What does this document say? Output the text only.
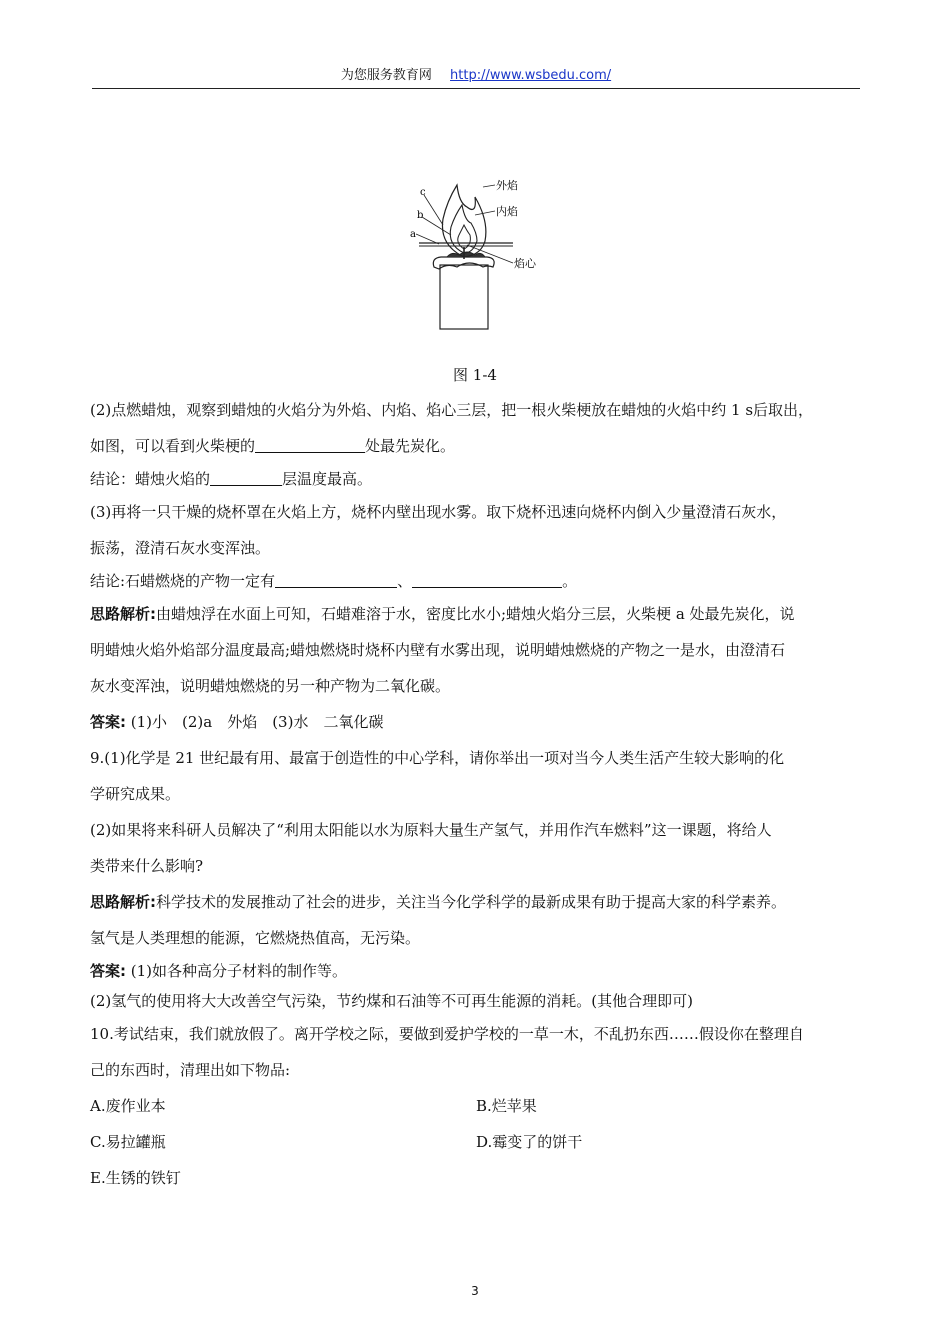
为您服务教育网 http://www.wsbedu.com/
外焰
内焰
焰心
c
b
a
图 1-4
(2)点燃蜡烛，观察到蜡烛的火焰分为外焰、内焰、焰心三层，把一根火柴梗放在蜡烛的火焰中约 1 s后取出，
如图，可以看到火柴梗的	处最先炭化。
结论：蜡烛火焰的	层温度最高。
(3)再将一只干燥的烧杯罩在火焰上方，烧杯内壁出现水雾。取下烧杯迅速向烧杯内倒入少量澄清石灰水，
振荡，澄清石灰水变浑浊。
结论:石蜡燃烧的产物一定有	、	。
思路解析:由蜡烛浮在水面上可知，石蜡难溶于水，密度比水小;蜡烛火焰分三层，火柴梗 a 处最先炭化，说
明蜡烛火焰外焰部分温度最高;蜡烛燃烧时烧杯内壁有水雾出现，说明蜡烛燃烧的产物之一是水，由澄清石
灰水变浑浊，说明蜡烛燃烧的另一种产物为二氧化碳。
答案: (1)小　(2)a　外焰　(3)水　二氧化碳
9.(1)化学是 21 世纪最有用、最富于创造性的中心学科，请你举出一项对当今人类生活产生较大影响的化
学研究成果。
(2)如果将来科研人员解决了“利用太阳能以水为原料大量生产氢气，并用作汽车燃料”这一课题，将给人
类带来什么影响?
思路解析:科学技术的发展推动了社会的进步，关注当今化学科学的最新成果有助于提高大家的科学素养。
氢气是人类理想的能源，它燃烧热值高，无污染。
答案: (1)如各种高分子材料的制作等。
(2)氢气的使用将大大改善空气污染，节约煤和石油等不可再生能源的消耗。(其他合理即可)
10.考试结束，我们就放假了。离开学校之际，要做到爱护学校的一草一木，不乱扔东西……假设你在整理自
己的东西时，清理出如下物品:
A.废作业本	B.烂苹果
C.易拉罐瓶	D.霉变了的饼干
E.生锈的铁钉
3
